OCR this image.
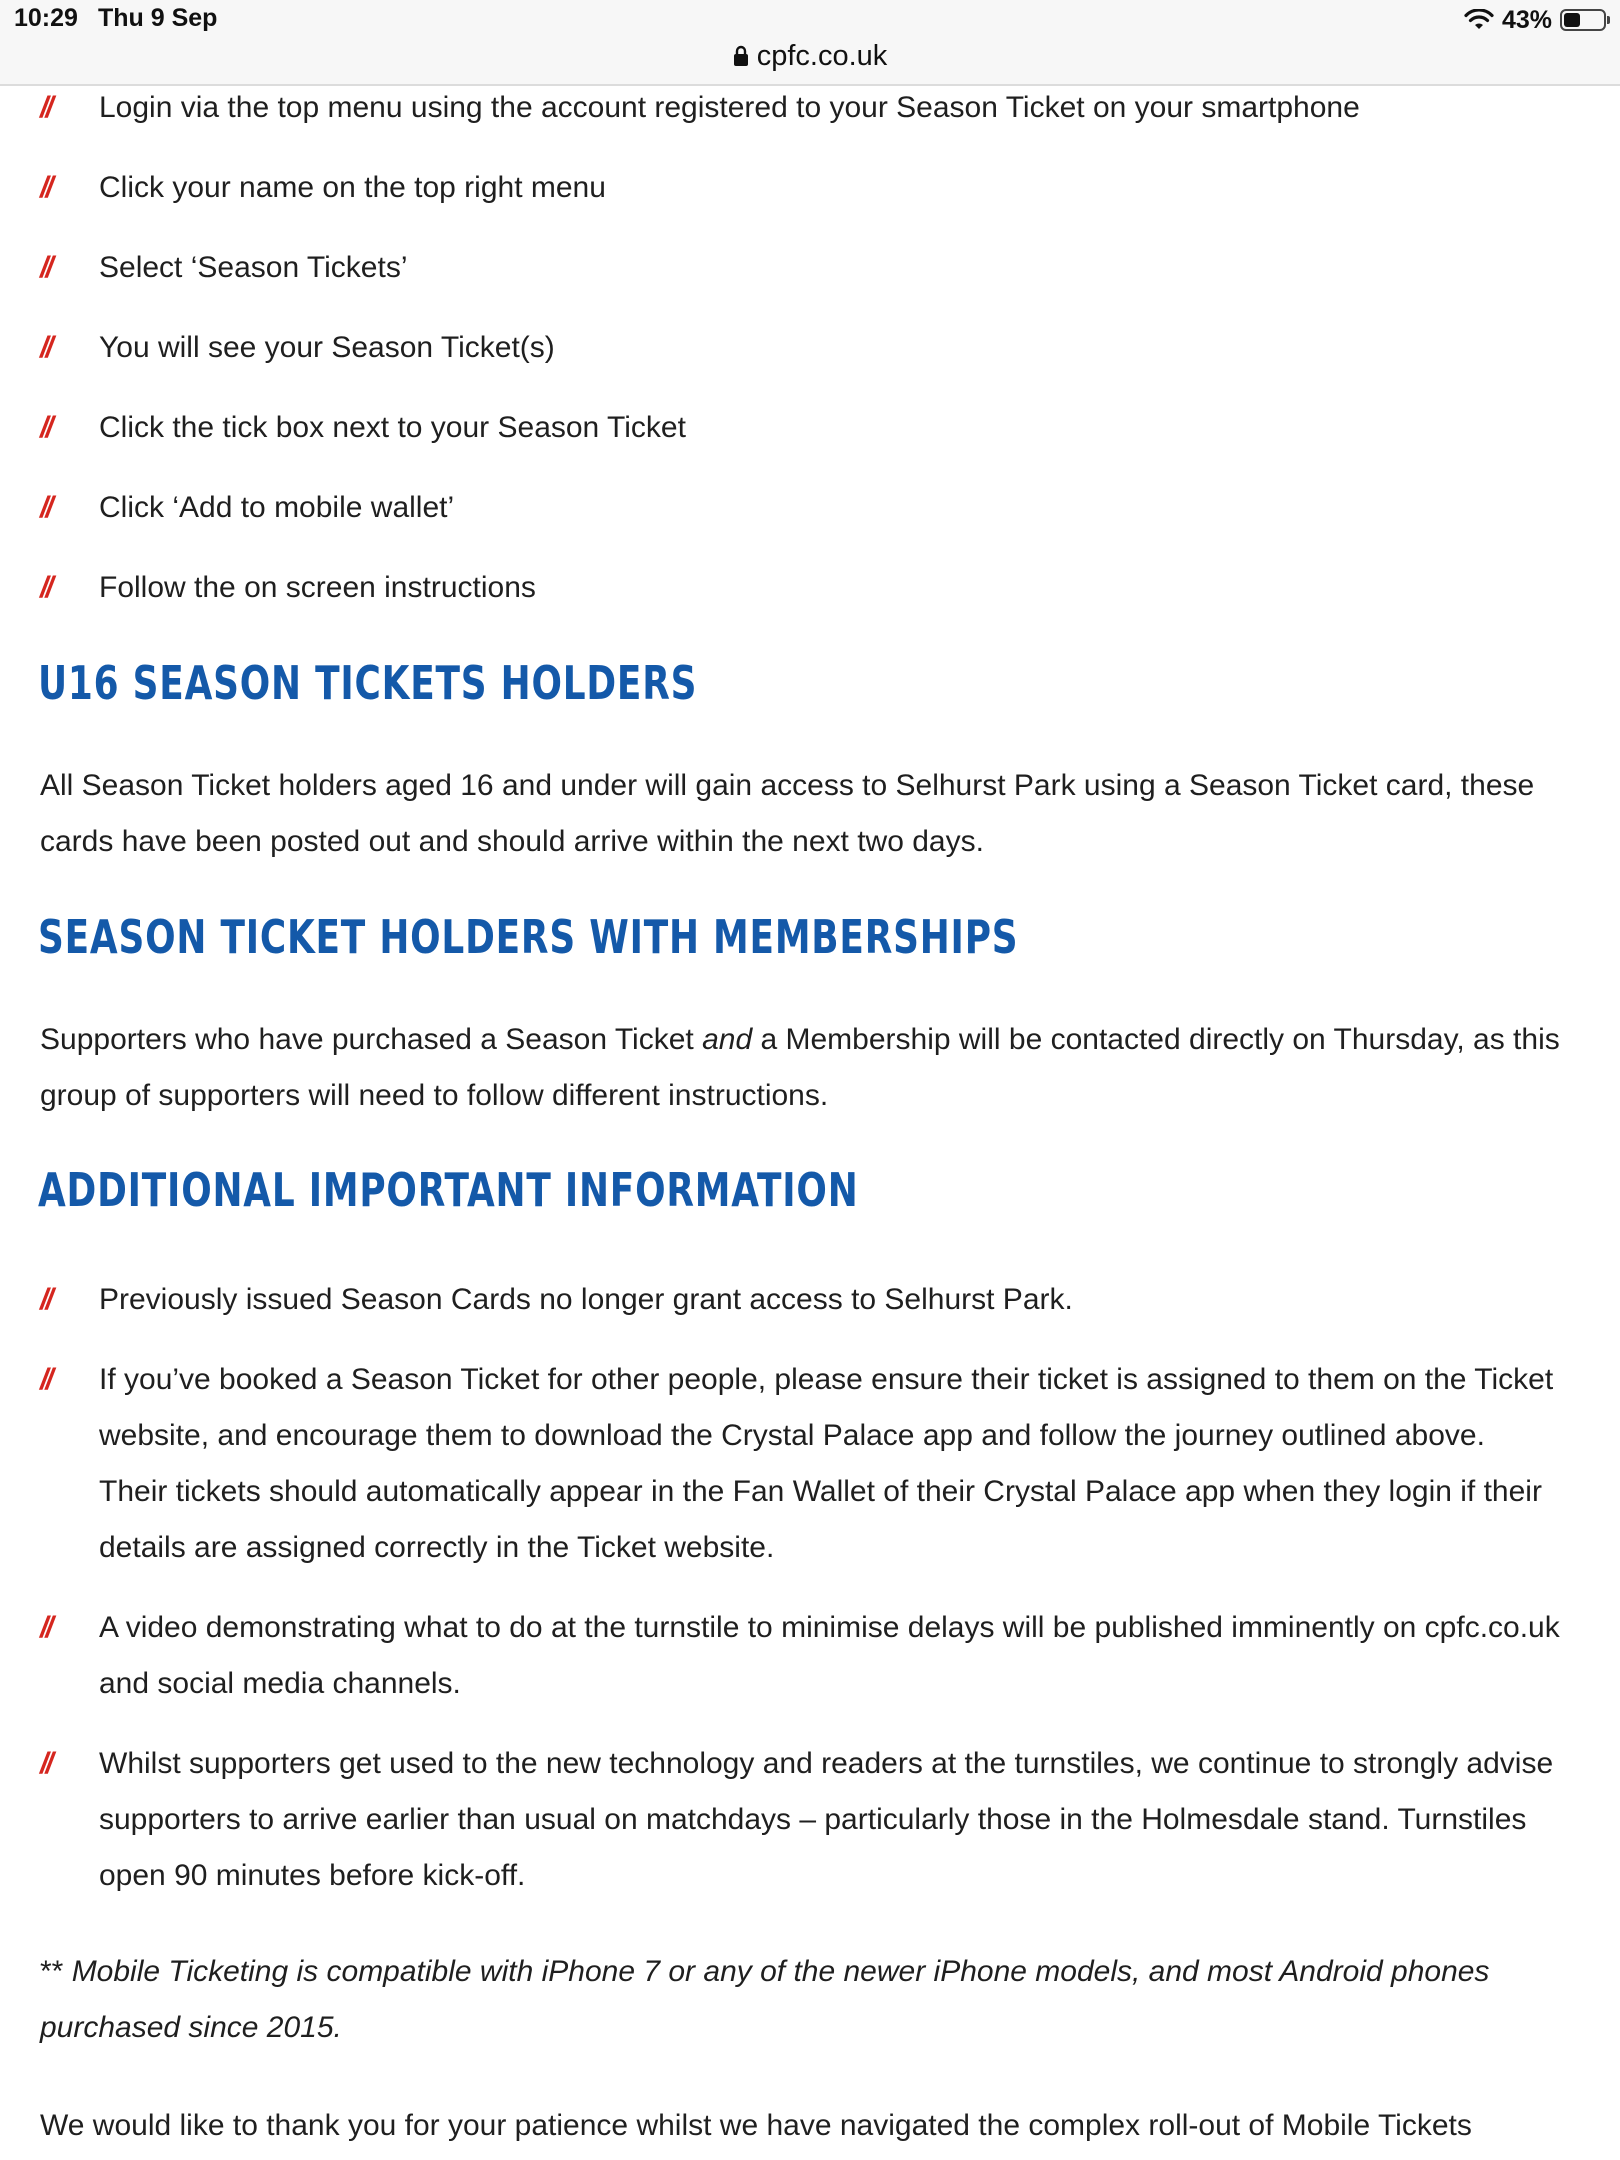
10:29 Thu 9 Sep	43%
cpfc.co.uk
// Login via the top menu using the account registered to your Season Ticket on your smartphone
// Click your name on the top right menu
// Select ‘Season Tickets’
// You will see your Season Ticket(s)
// Click the tick box next to your Season Ticket
// Click ‘Add to mobile wallet’
// Follow the on screen instructions
U16 SEASON TICKETS HOLDERS

All Season Ticket holders aged 16 and under will gain access to Selhurst Park using a Season Ticket card, these cards have been posted out and should arrive within the next two days.

SEASON TICKET HOLDERS WITH MEMBERSHIPS

Supporters who have purchased a Season Ticket and a Membership will be contacted directly on Thursday, as this group of supporters will need to follow different instructions.

ADDITIONAL IMPORTANT INFORMATION
// Previously issued Season Cards no longer grant access to Selhurst Park.
// If you’ve booked a Season Ticket for other people, please ensure their ticket is assigned to them on the Ticket website, and encourage them to download the Crystal Palace app and follow the journey outlined above. Their tickets should automatically appear in the Fan Wallet of their Crystal Palace app when they login if their details are assigned correctly in the Ticket website.
// A video demonstrating what to do at the turnstile to minimise delays will be published imminently on cpfc.co.uk and social media channels.
// Whilst supporters get used to the new technology and readers at the turnstiles, we continue to strongly advise supporters to arrive earlier than usual on matchdays – particularly those in the Holmesdale stand. Turnstiles open 90 minutes before kick-off.

** Mobile Ticketing is compatible with iPhone 7 or any of the newer iPhone models, and most Android phones purchased since 2015.

We would like to thank you for your patience whilst we have navigated the complex roll-out of Mobile Tickets
